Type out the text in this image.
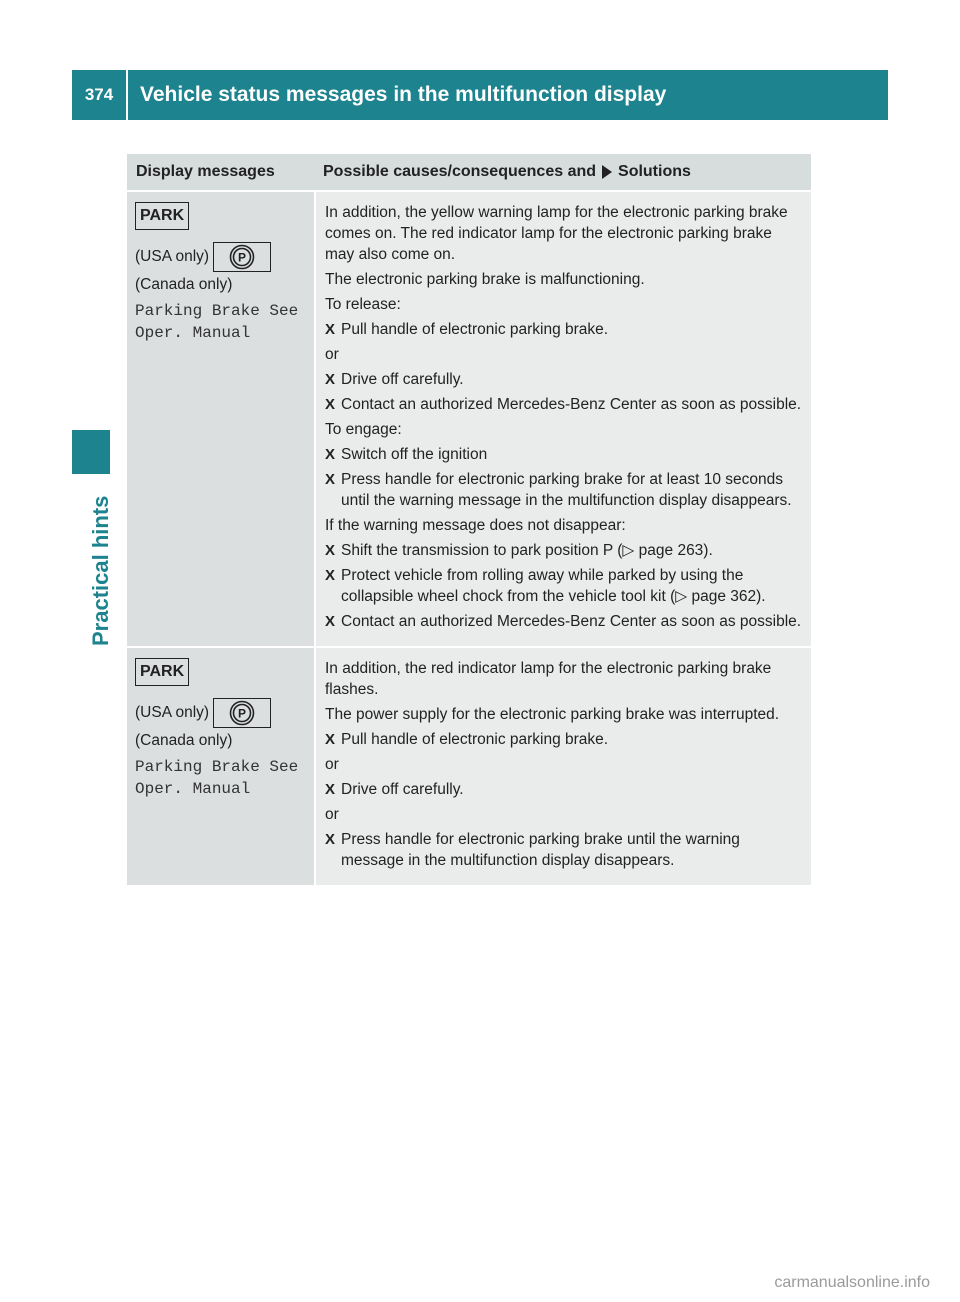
374	Vehicle status messages in the multifunction display
Practical hints
Display messages	Possible causes/consequences and Solutions
PARK
(USA only) P
(Canada only)
Parking Brake See
Oper. Manual
In addition, the yellow warning lamp for the electronic parking brake comes on. The red indicator lamp for the electronic parking brake may also come on.
The electronic parking brake is malfunctioning.
To release:
X Pull handle of electronic parking brake.
or
X Drive off carefully.
X Contact an authorized Mercedes-Benz Center as soon as possible.
To engage:
X Switch off the ignition
X Press handle for electronic parking brake for at least 10 seconds until the warning message in the multifunction display disappears.
If the warning message does not disappear:
X Shift the transmission to park position P (▷ page 263).
X Protect vehicle from rolling away while parked by using the collapsible wheel chock from the vehicle tool kit (▷ page 362).
X Contact an authorized Mercedes-Benz Center as soon as possible.
PARK
(USA only) P
(Canada only)
Parking Brake See
Oper. Manual
In addition, the red indicator lamp for the electronic parking brake flashes.
The power supply for the electronic parking brake was interrupted.
X Pull handle of electronic parking brake.
or
X Drive off carefully.
or
X Press handle for electronic parking brake until the warning message in the multifunction display disappears.
carmanualsonline.info
